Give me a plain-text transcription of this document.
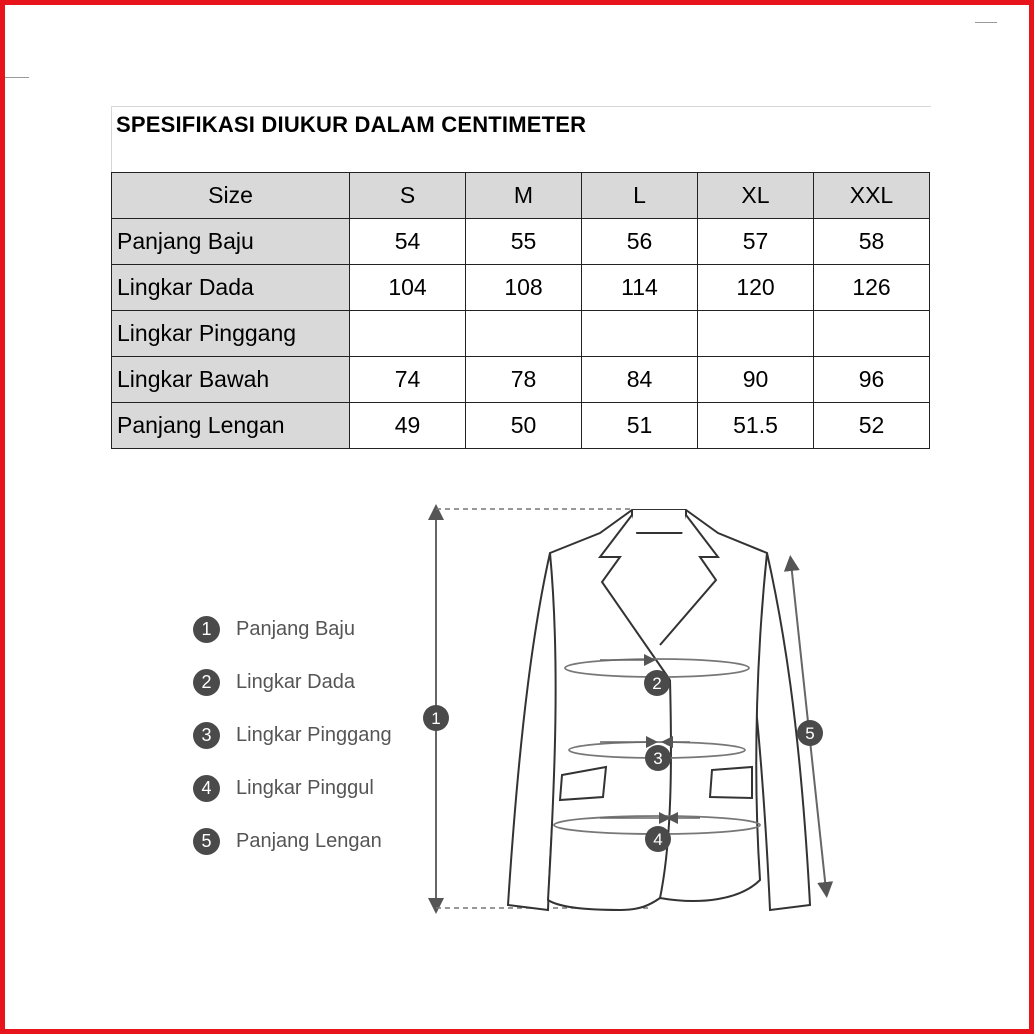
SPESIFIKASI DIUKUR DALAM CENTIMETER
Size	S	M	L	XL	XXL
Panjang Baju	54	55	56	57	58
Lingkar Dada	104	108	114	120	126
Lingkar Pinggang					
Lingkar Bawah	74	78	84	90	96
Panjang Lengan	49	50	51	51.5	52
1	Panjang Baju
2	Lingkar Dada
3	Lingkar Pinggang
4	Lingkar Pinggul
5	Panjang Lengan
1
2
3
4
5
